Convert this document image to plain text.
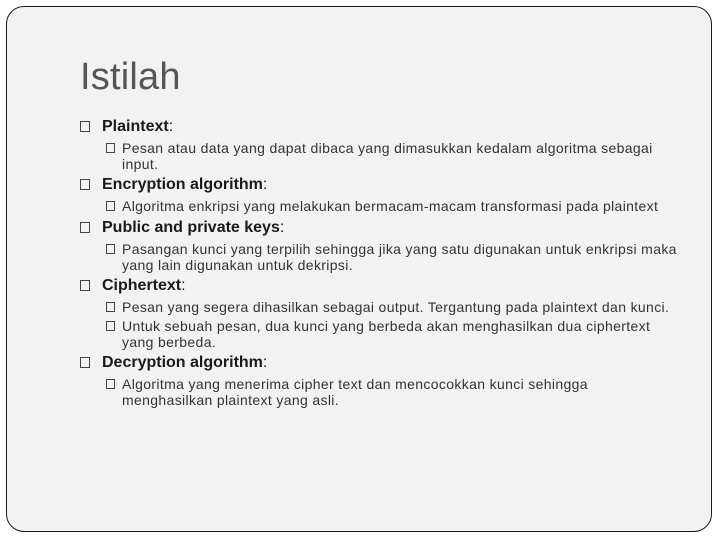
Istilah
Plaintext:
Pesan atau data yang dapat dibaca yang dimasukkan kedalam algoritma sebagai input.
Encryption algorithm:
Algoritma enkripsi yang melakukan bermacam-macam transformasi pada plaintext
Public and private keys:
Pasangan kunci yang terpilih sehingga jika yang satu digunakan untuk enkripsi maka yang lain digunakan untuk dekripsi.
Ciphertext:
Pesan yang segera dihasilkan sebagai output. Tergantung pada plaintext dan kunci.
Untuk sebuah pesan, dua kunci yang berbeda akan menghasilkan dua ciphertext yang berbeda.
Decryption algorithm:
Algoritma yang menerima cipher text dan mencocokkan kunci sehingga menghasilkan plaintext yang asli.
